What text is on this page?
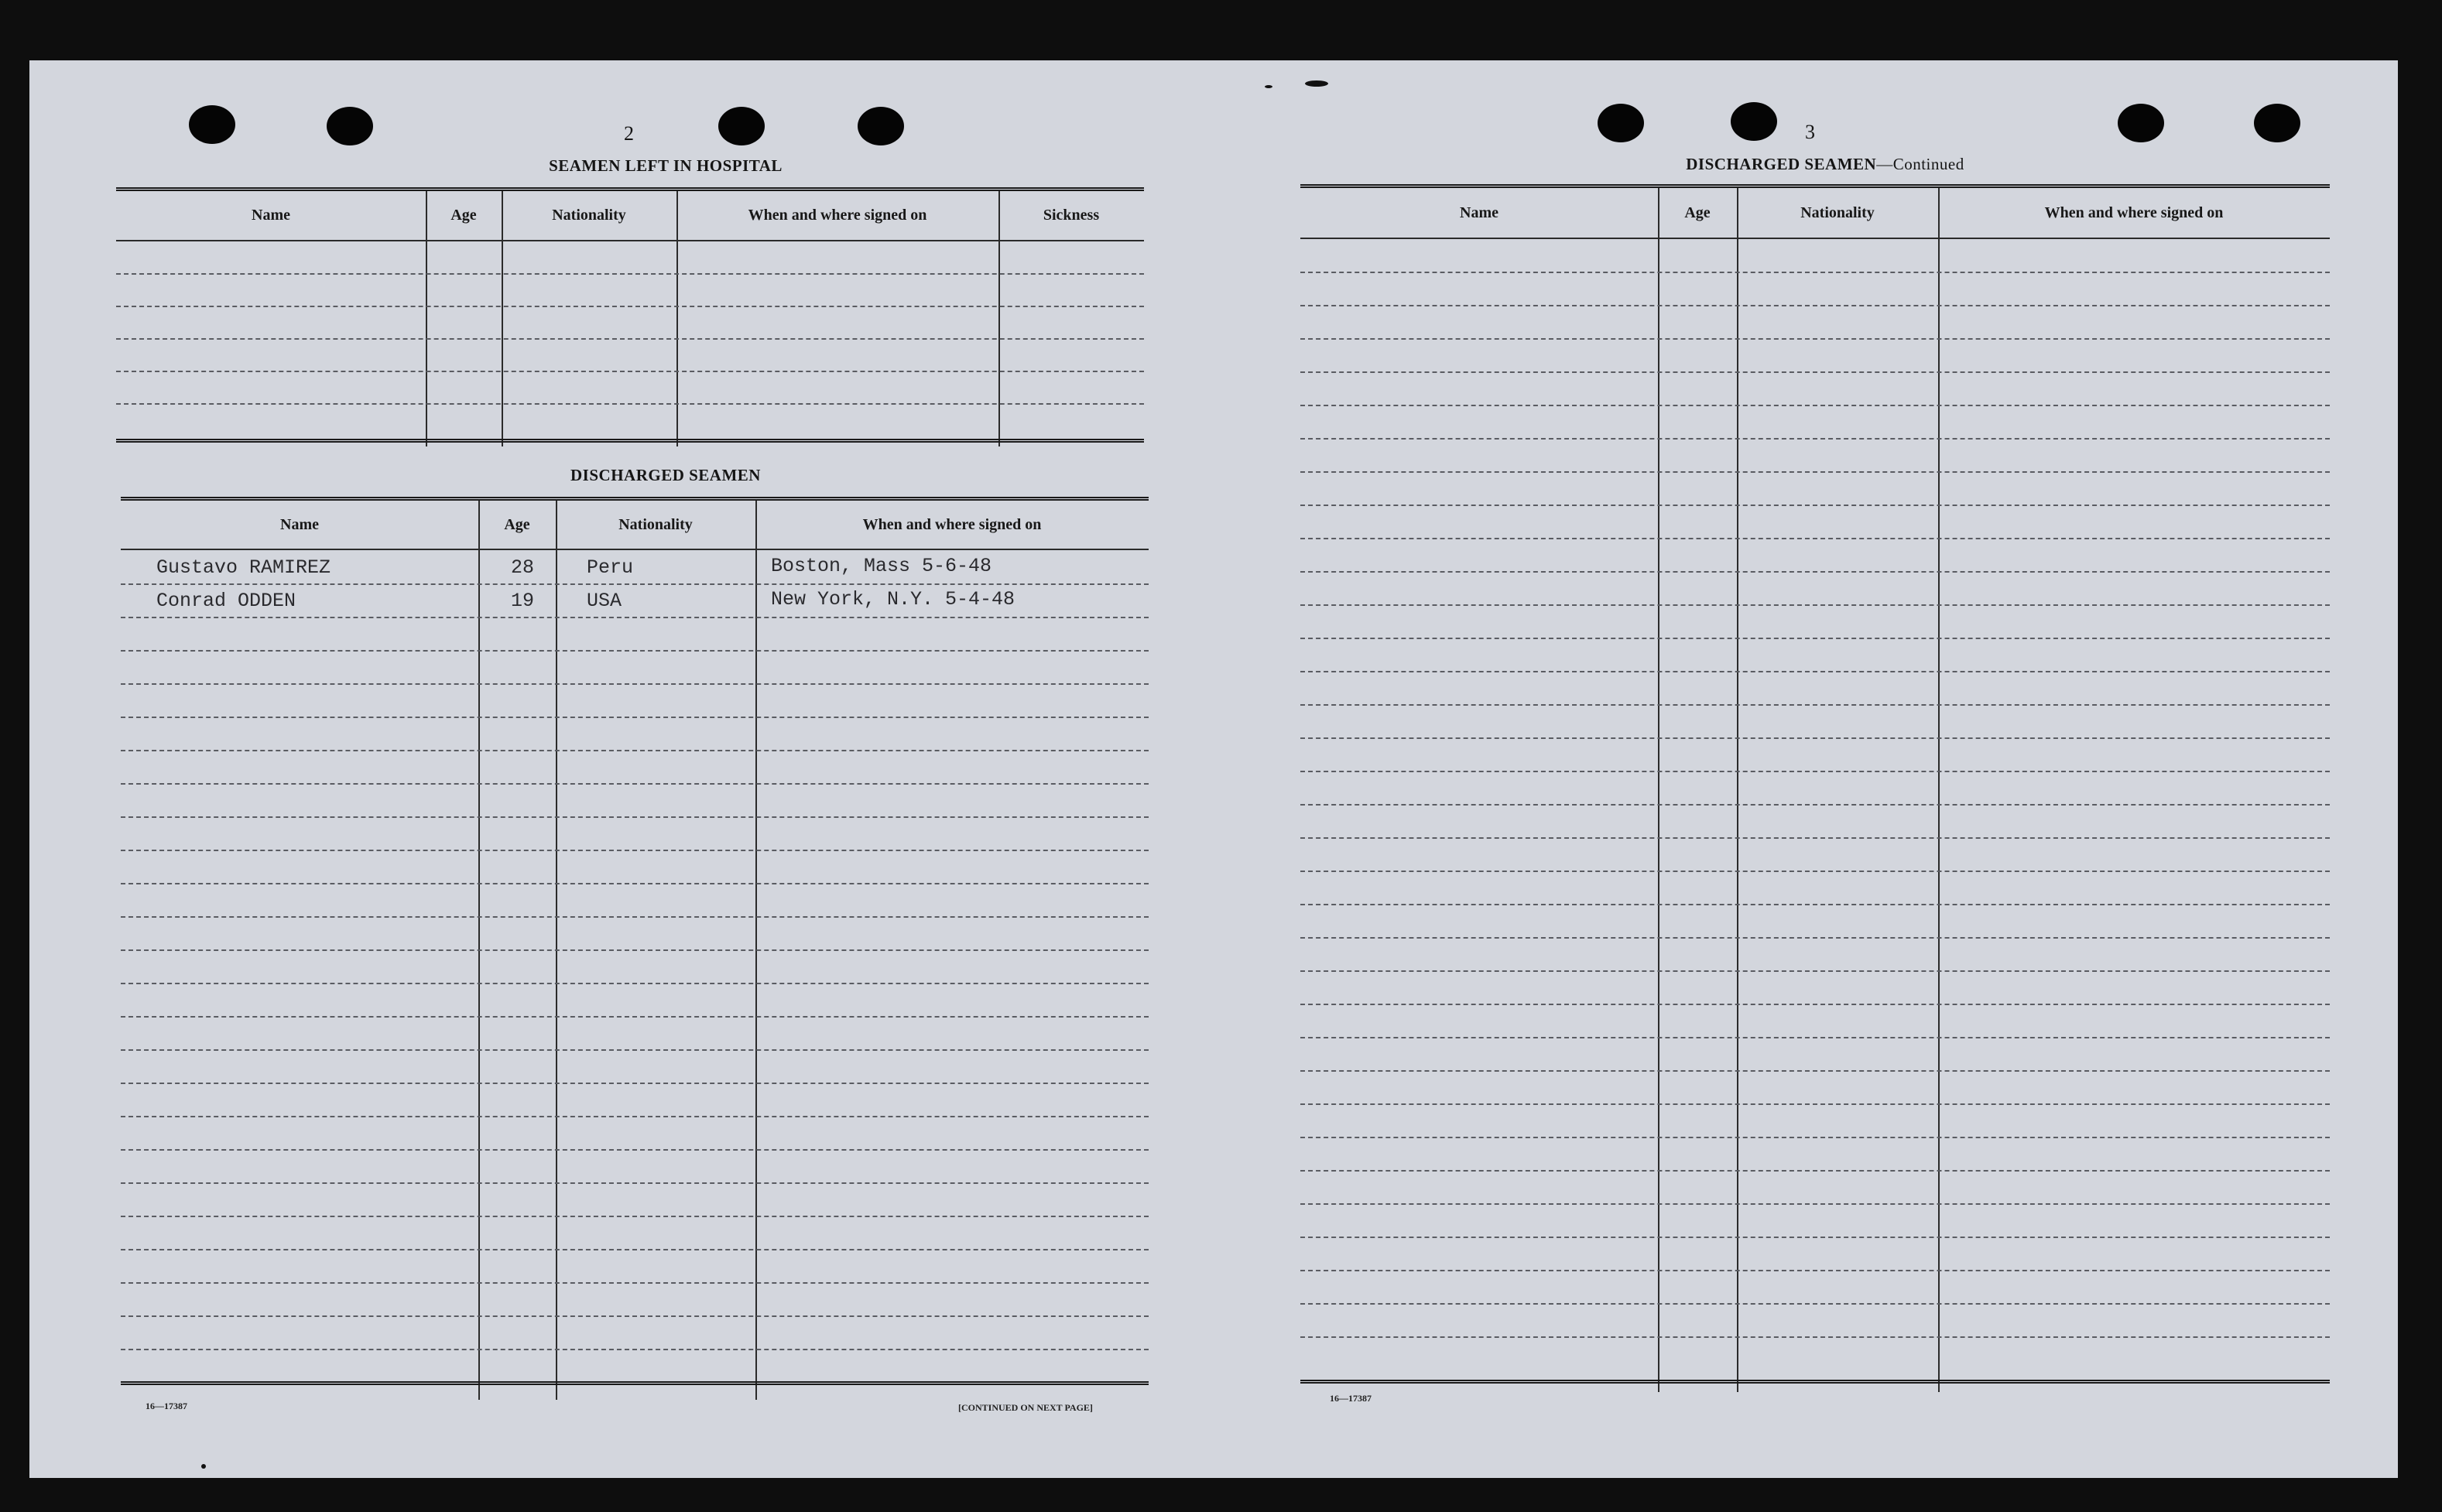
2
SEAMEN LEFT IN HOSPITAL
Name	Age	Nationality	When and where signed on	Sickness
DISCHARGED SEAMEN
Name	Age	Nationality	When and where signed on
Gustavo RAMIREZ	28	Peru	Boston, Mass 5-6-48
Conrad ODDEN	19	USA	New York, N.Y. 5-4-48
16—17387	[CONTINUED ON NEXT PAGE]
3
DISCHARGED SEAMEN—Continued
Name	Age	Nationality	When and where signed on
16—17387
